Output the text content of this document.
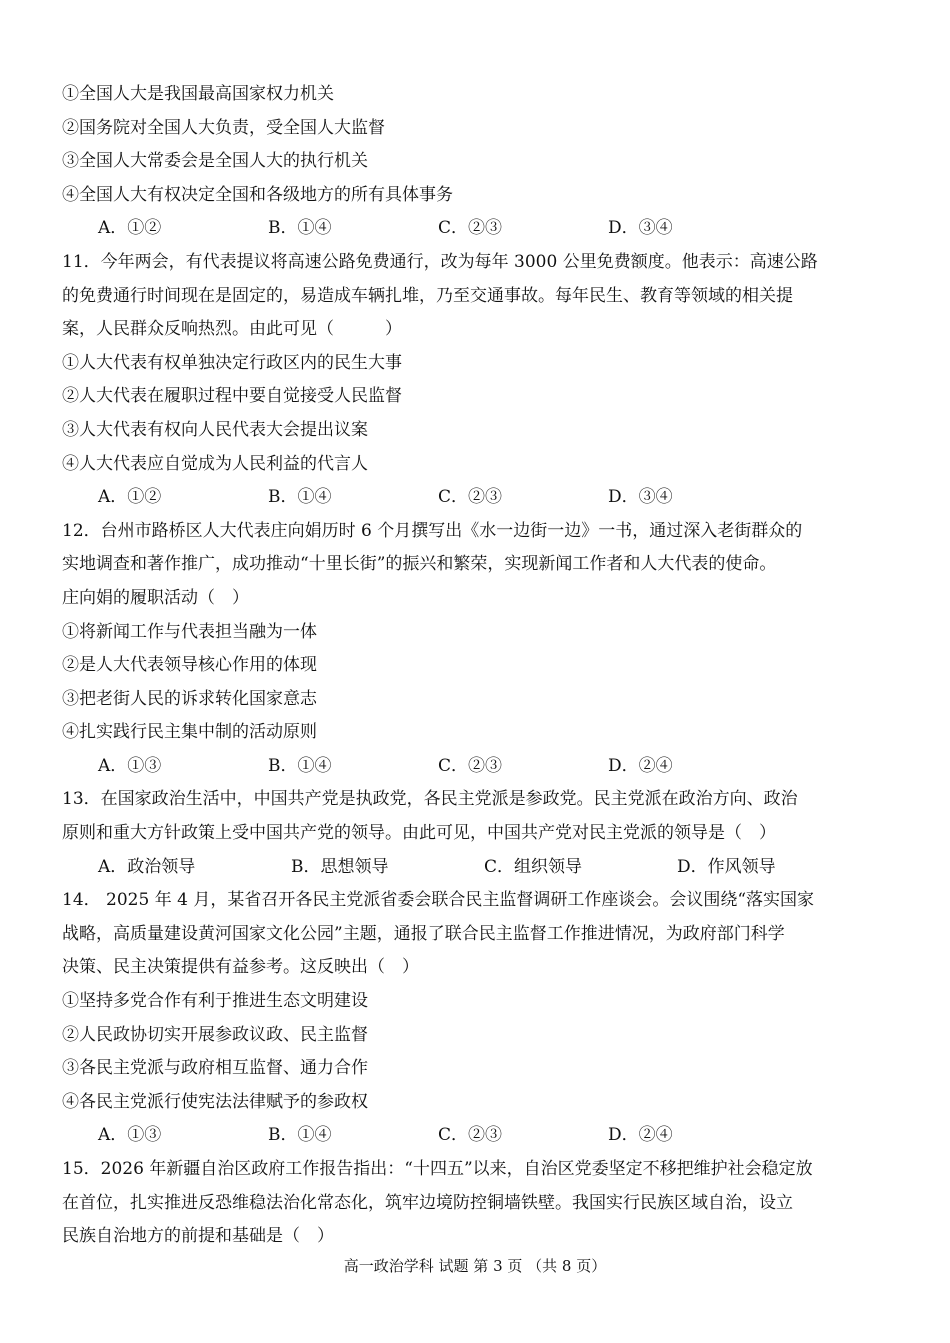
①全国人大是我国最高国家权力机关
②国务院对全国人大负责，受全国人大监督
③全国人大常委会是全国人大的执行机关
④全国人大有权决定全国和各级地方的所有具体事务
A．①②	B．①④	C．②③	D．③④
11．今年两会，有代表提议将高速公路免费通行，改为每年 3000 公里免费额度。他表示：高速公路
的免费通行时间现在是固定的，易造成车辆扎堆，乃至交通事故。每年民生、教育等领域的相关提
案，人民群众反响热烈。由此可见（　　　）
①人大代表有权单独决定行政区内的民生大事
②人大代表在履职过程中要自觉接受人民监督
③人大代表有权向人民代表大会提出议案
④人大代表应自觉成为人民利益的代言人
A．①②	B．①④	C．②③	D．③④
12．台州市路桥区人大代表庄向娟历时 6 个月撰写出《水一边街一边》一书，通过深入老街群众的
实地调查和著作推广，成功推动“十里长街”的振兴和繁荣，实现新闻工作者和人大代表的使命。
庄向娟的履职活动（　）
①将新闻工作与代表担当融为一体
②是人大代表领导核心作用的体现
③把老街人民的诉求转化国家意志
④扎实践行民主集中制的活动原则
A．①③	B．①④	C．②③	D．②④
13．在国家政治生活中，中国共产党是执政党，各民主党派是参政党。民主党派在政治方向、政治
原则和重大方针政策上受中国共产党的领导。由此可见，中国共产党对民主党派的领导是（　）
A．政治领导	B．思想领导	C．组织领导	D．作风领导
14． 2025 年 4 月，某省召开各民主党派省委会联合民主监督调研工作座谈会。会议围绕“落实国家
战略，高质量建设黄河国家文化公园”主题，通报了联合民主监督工作推进情况，为政府部门科学
决策、民主决策提供有益参考。这反映出（　）
①坚持多党合作有利于推进生态文明建设
②人民政协切实开展参政议政、民主监督
③各民主党派与政府相互监督、通力合作
④各民主党派行使宪法法律赋予的参政权
A．①③	B．①④	C．②③	D．②④
15．2026 年新疆自治区政府工作报告指出：“十四五”以来，自治区党委坚定不移把维护社会稳定放
在首位，扎实推进反恐维稳法治化常态化，筑牢边境防控铜墙铁壁。我国实行民族区域自治，设立
民族自治地方的前提和基础是（　）
高一政治学科 试题 第 3 页 （共 8 页）
